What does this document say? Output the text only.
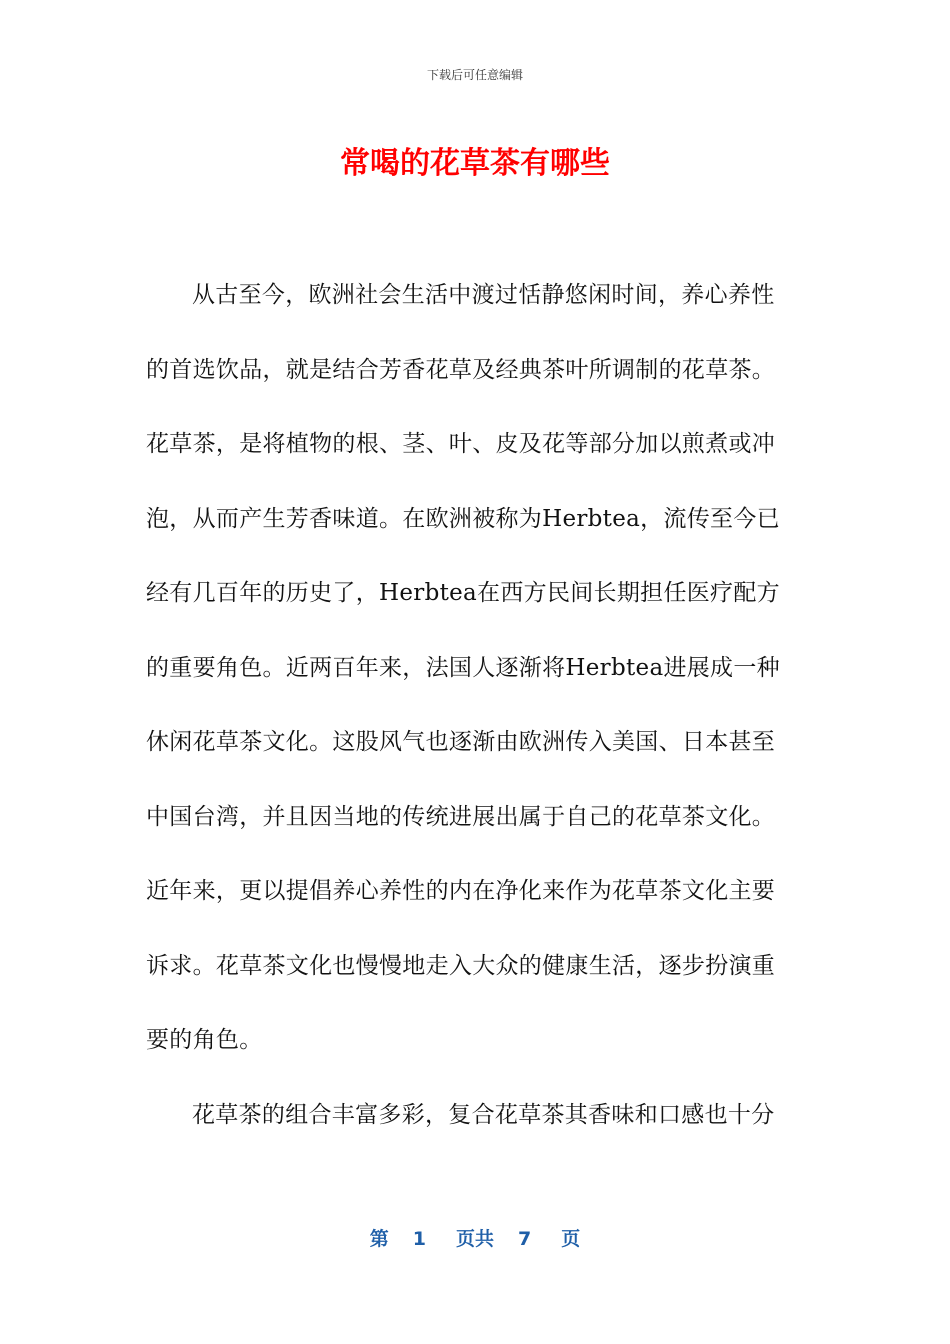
下载后可任意编辑
常喝的花草茶有哪些
从古至今，欧洲社会生活中渡过恬静悠闲时间，养心养性
的首选饮品，就是结合芳香花草及经典茶叶所调制的花草茶。
花草茶，是将植物的根、茎、叶、皮及花等部分加以煎煮或冲
泡，从而产生芳香味道。在欧洲被称为Herbtea，流传至今已
经有几百年的历史了，Herbtea在西方民间长期担任医疗配方
的重要角色。近两百年来，法国人逐渐将Herbtea进展成一种
休闲花草茶文化。这股风气也逐渐由欧洲传入美国、日本甚至
中国台湾，并且因当地的传统进展出属于自己的花草茶文化。
近年来，更以提倡养心养性的内在净化来作为花草茶文化主要
诉求。花草茶文化也慢慢地走入大众的健康生活，逐步扮演重
要的角色。
花草茶的组合丰富多彩，复合花草茶其香味和口感也十分
第 1 页共 7 页
